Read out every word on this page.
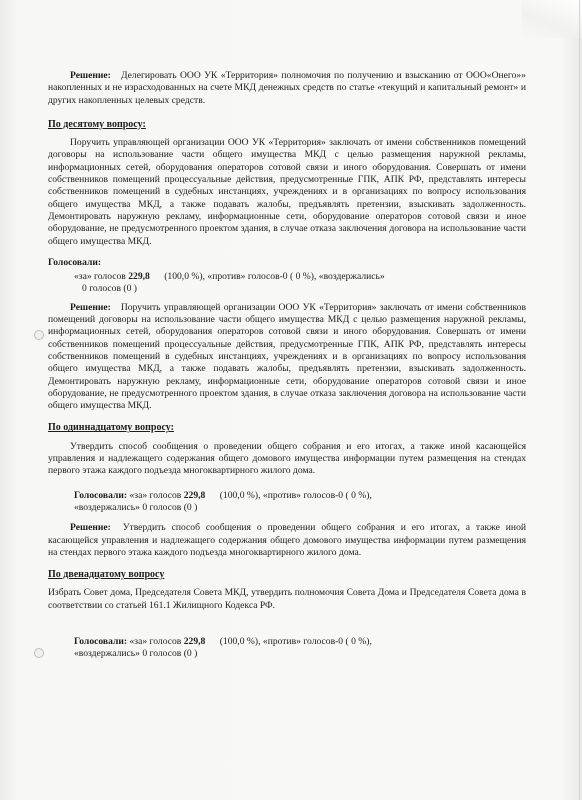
Решение: Делегировать ООО УК «Территория» полномочия по получению и взысканию от ООО«Онего»» накопленных и не израсходованных на счете МКД денежных средств по статье «текущий и капитальный ремонт» и других накопленных целевых средств.

По десятому вопросу:

Поручить управляющей организации ООО УК «Территория» заключать от имени собственников помещений договоры на использование части общего имущества МКД с целью размещения наружной рекламы, информационных сетей, оборудования операторов сотовой связи и иного оборудования. Совершать от имени собственников помещений процессуальные действия, предусмотренные ГПК, АПК РФ, представлять интересы собственников помещений в судебных инстанциях, учреждениях и в организациях по вопросу использования общего имущества МКД, а также подавать жалобы, предъявлять претензии, взыскивать задолженность. Демонтировать наружную рекламу, информационные сети, оборудование операторов сотовой связи и иное оборудование, не предусмотренного проектом здания, в случае отказа заключения договора на использование части общего имущества МКД.

Голосовали:

«за» голосов 229,8 (100,0 %), «против» голосов-0 ( 0 %), «воздержались»

0 голосов (0 )

Решение: Поручить управляющей организации ООО УК «Территория» заключать от имени собственников помещений договоры на использование части общего имущества МКД с целью размещения наружной рекламы, информационных сетей, оборудования операторов сотовой связи и иного оборудования. Совершать от имени собственников помещений процессуальные действия, предусмотренные ГПК, АПК РФ, представлять интересы собственников помещений в судебных инстанциях, учреждениях и в организациях по вопросу использования общего имущества МКД, а также подавать жалобы, предъявлять претензии, взыскивать задолженность. Демонтировать наружную рекламу, информационные сети, оборудование операторов сотовой связи и иное оборудование, не предусмотренного проектом здания, в случае отказа заключения договора на использование части общего имущества МКД.

По одиннадцатому вопросу:

Утвердить способ сообщения о проведении общего собрания и его итогах, а также иной касающейся управления и надлежащего содержания общего домового имущества информации путем размещения на стендах первого этажа каждого подъезда многоквартирного жилого дома.

Голосовали: «за» голосов 229,8 (100,0 %), «против» голосов-0 ( 0 %),

«воздержались» 0 голосов (0 )

Решение: Утвердить способ сообщения о проведении общего собрания и его итогах, а также иной касающейся управления и надлежащего содержания общего домового имущества информации путем размещения на стендах первого этажа каждого подъезда многоквартирного жилого дома.

По двенадцатому вопросу

Избрать Совет дома, Председателя Совета МКД, утвердить полномочия Совета Дома и Председателя Совета дома в соответствии со статьей 161.1 Жилищного Кодекса РФ.

Голосовали: «за» голосов 229,8 (100,0 %), «против» голосов-0 ( 0 %),

«воздержались» 0 голосов (0 )
